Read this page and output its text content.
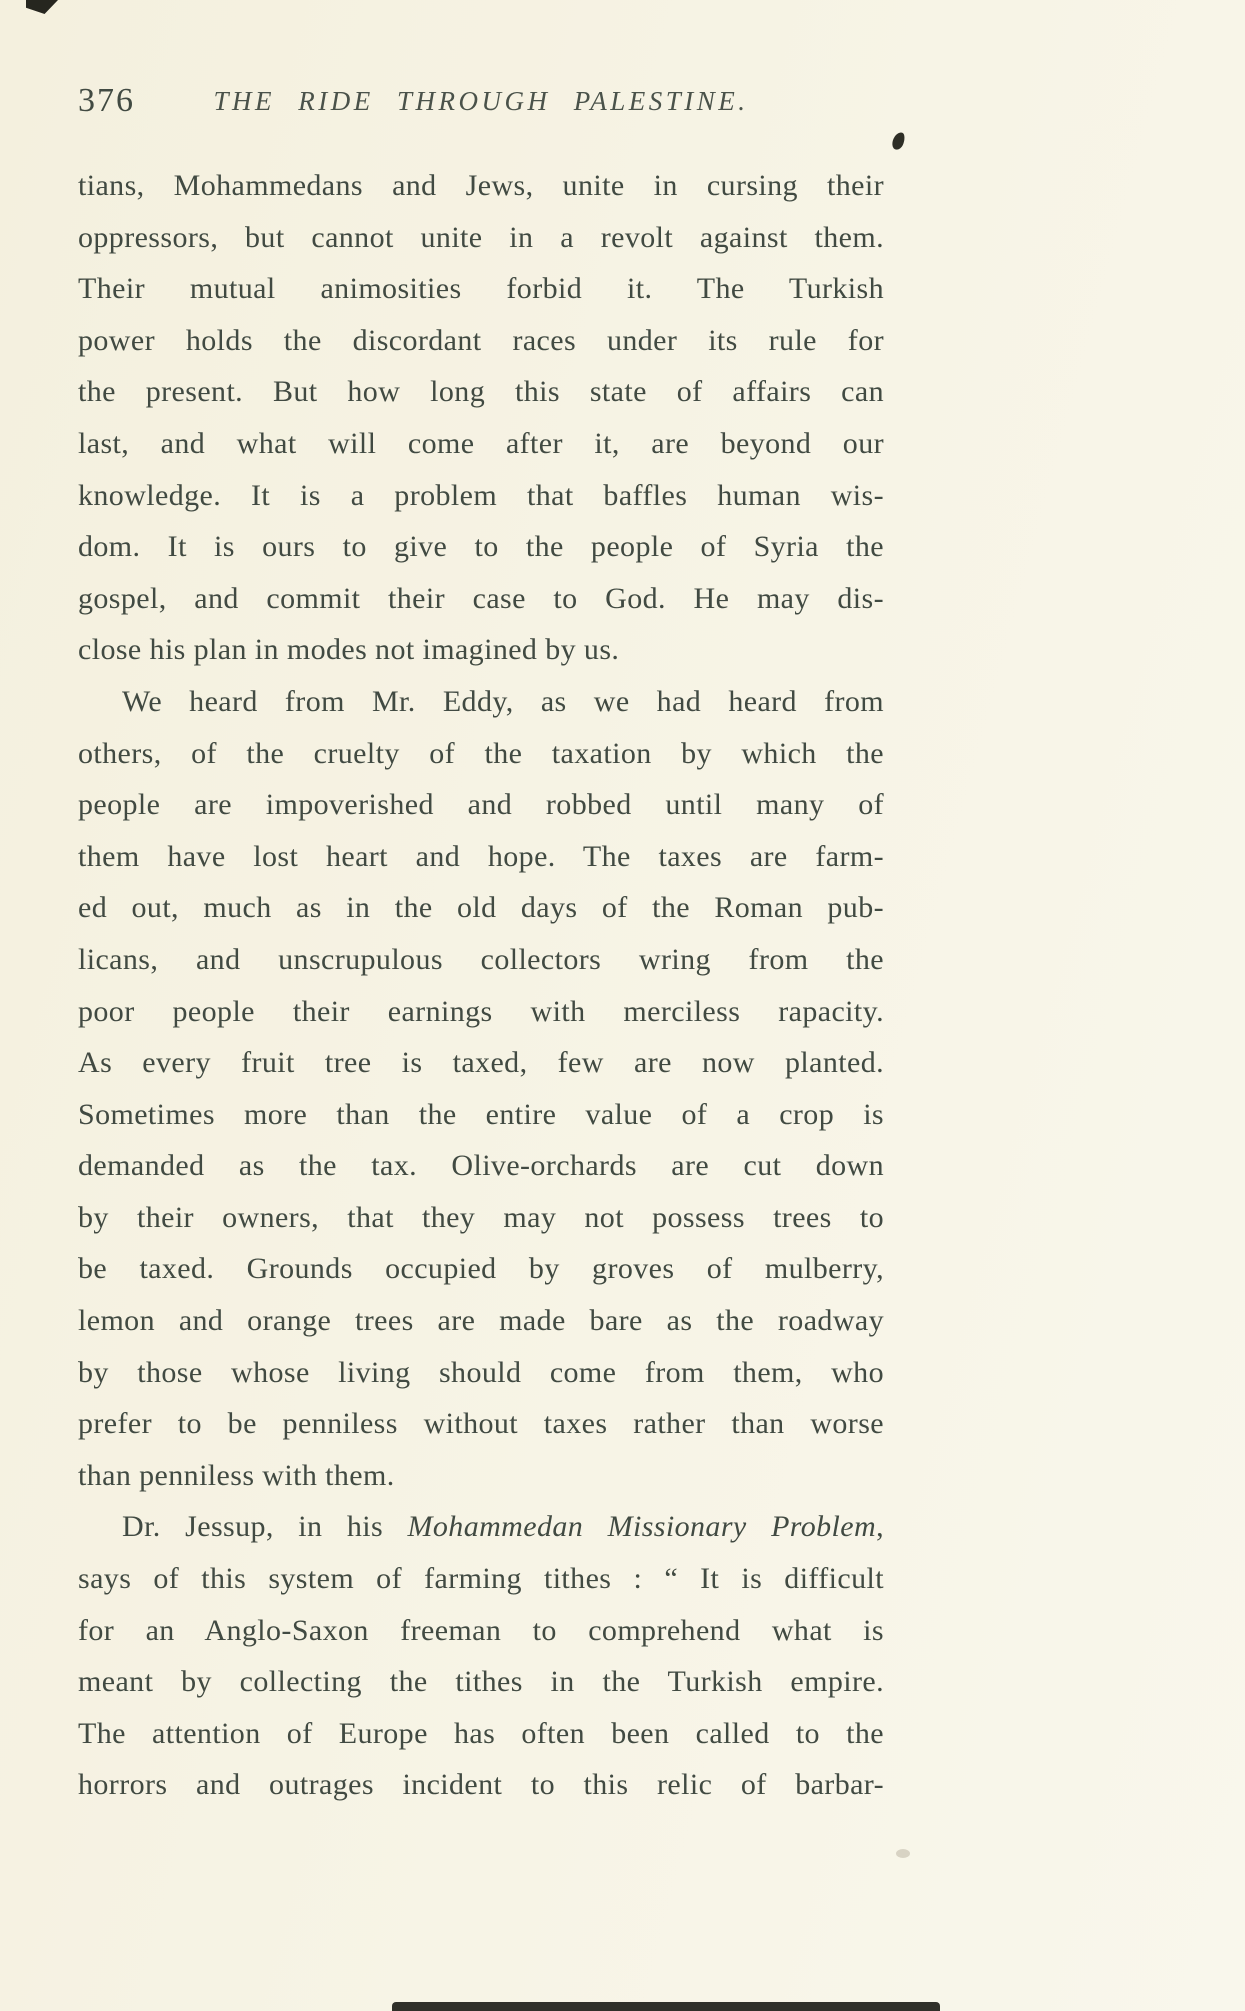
376	THE RIDE THROUGH PALESTINE.
tians, Mohammedans and Jews, unite in cursing their
oppressors, but cannot unite in a revolt against them.
Their mutual animosities forbid it. The Turkish
power holds the discordant races under its rule for
the present. But how long this state of affairs can
last, and what will come after it, are beyond our
knowledge. It is a problem that baffles human wis-
dom. It is ours to give to the people of Syria the
gospel, and commit their case to God. He may dis-
close his plan in modes not imagined by us.
We heard from Mr. Eddy, as we had heard from
others, of the cruelty of the taxation by which the
people are impoverished and robbed until many of
them have lost heart and hope. The taxes are farm-
ed out, much as in the old days of the Roman pub-
licans, and unscrupulous collectors wring from the
poor people their earnings with merciless rapacity.
As every fruit tree is taxed, few are now planted.
Sometimes more than the entire value of a crop is
demanded as the tax. Olive-orchards are cut down
by their owners, that they may not possess trees to
be taxed. Grounds occupied by groves of mulberry,
lemon and orange trees are made bare as the roadway
by those whose living should come from them, who
prefer to be penniless without taxes rather than worse
than penniless with them.
Dr. Jessup, in his Mohammedan Missionary Problem,
says of this system of farming tithes : “ It is difficult
for an Anglo-Saxon freeman to comprehend what is
meant by collecting the tithes in the Turkish empire.
The attention of Europe has often been called to the
horrors and outrages incident to this relic of barbar-
